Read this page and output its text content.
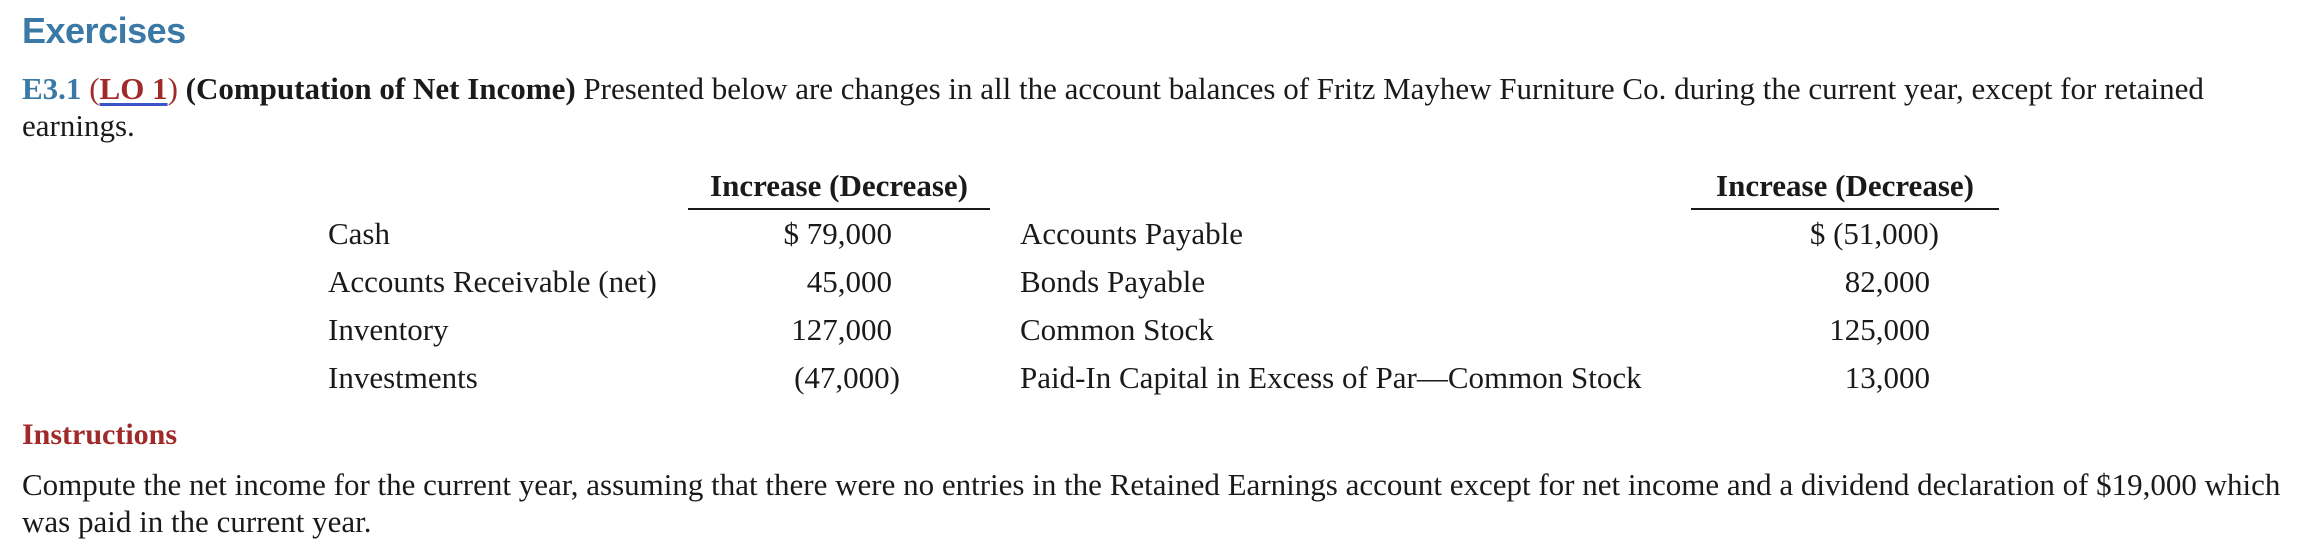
Exercises
E3.1 (LO 1) (Computation of Net Income) Presented below are changes in all the account balances of Fritz Mayhew Furniture Co. during the current year, except for retained earnings.
Increase (Decrease)	Increase (Decrease)
Cash
Accounts Receivable (net)
Inventory
Investments
$ 79,000
45,000
127,000
(47,000)
Accounts Payable
Bonds Payable
Common Stock
Paid-In Capital in Excess of Par—Common Stock
$ (51,000)
82,000
125,000
13,000
Instructions
Compute the net income for the current year, assuming that there were no entries in the Retained Earnings account except for net income and a dividend declaration of $19,000 which was paid in the current year.
